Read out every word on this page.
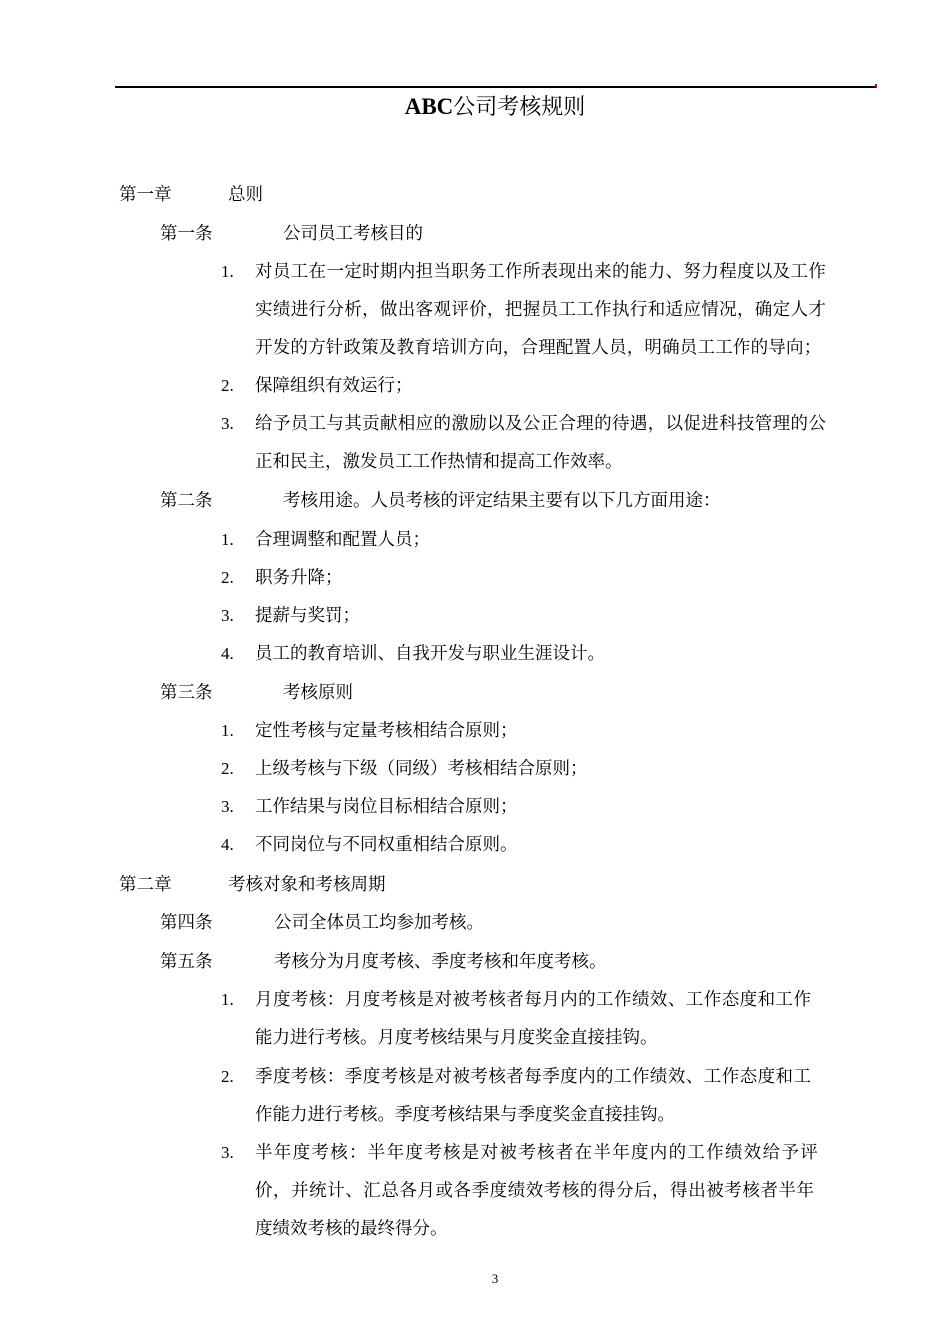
ABC公司考核规则
第一章	总则
第一条	公司员工考核目的
1. 对员工在一定时期内担当职务工作所表现出来的能力、努力程度以及工作
实绩进行分析，做出客观评价，把握员工工作执行和适应情况，确定人才
开发的方针政策及教育培训方向，合理配置人员，明确员工工作的导向；
2. 保障组织有效运行；
3. 给予员工与其贡献相应的激励以及公正合理的待遇，以促进科技管理的公
正和民主，激发员工工作热情和提高工作效率。
第二条	考核用途。人员考核的评定结果主要有以下几方面用途：
1. 合理调整和配置人员；
2. 职务升降；
3. 提薪与奖罚；
4. 员工的教育培训、自我开发与职业生涯设计。
第三条	考核原则
1. 定性考核与定量考核相结合原则；
2. 上级考核与下级（同级）考核相结合原则；
3. 工作结果与岗位目标相结合原则；
4. 不同岗位与不同权重相结合原则。
第二章	考核对象和考核周期
第四条	公司全体员工均参加考核。
第五条	考核分为月度考核、季度考核和年度考核。
1. 月度考核：月度考核是对被考核者每月内的工作绩效、工作态度和工作
能力进行考核。月度考核结果与月度奖金直接挂钩。
2. 季度考核：季度考核是对被考核者每季度内的工作绩效、工作态度和工
作能力进行考核。季度考核结果与季度奖金直接挂钩。
3. 半年度考核：半年度考核是对被考核者在半年度内的工作绩效给予评
价，并统计、汇总各月或各季度绩效考核的得分后，得出被考核者半年
度绩效考核的最终得分。
3
